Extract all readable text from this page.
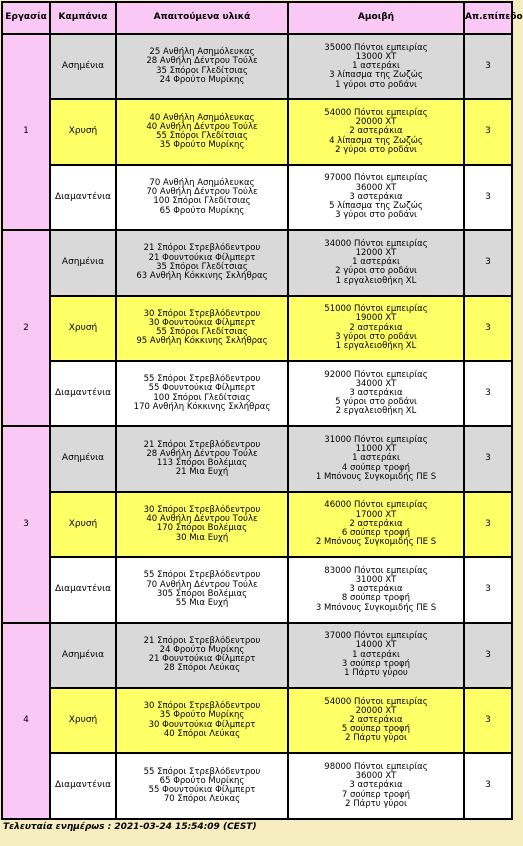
Εργασία	Καμπάνια	Απαιτούμενα υλικά	Αμοιβή	Απ.επίπεδο
1	Ασημένια	25 Ανθήλη Ασημόλευκας
28 Ανθήλη Δέντρου Τούλε
35 Σπόροι Γλεδίτσιας
24 Φρούτο Μυρίκης	35000 Πόντοι εμπειρίας
13000 ΧΤ
1 αστεράκι
3 λίπασμα της Ζωζώς
1 γύροι στο ροδάνι	3
	Χρυσή	40 Ανθήλη Ασημόλευκας
40 Ανθήλη Δέντρου Τούλε
55 Σπόροι Γλεδίτσιας
35 Φρούτο Μυρίκης	54000 Πόντοι εμπειρίας
20000 ΧΤ
2 αστεράκια
4 λίπασμα της Ζωζώς
2 γύροι στο ροδάνι	3
	Διαμαντένια	70 Ανθήλη Ασημόλευκας
70 Ανθήλη Δέντρου Τούλε
100 Σπόροι Γλεδίτσιας
65 Φρούτο Μυρίκης	97000 Πόντοι εμπειρίας
36000 ΧΤ
3 αστεράκια
5 λίπασμα της Ζωζώς
3 γύροι στο ροδάνι	3
2	Ασημένια	21 Σπόροι Στρεβλόδεντρου
21 Φουντούκια Φίλμπερτ
35 Σπόροι Γλεδίτσιας
63 Ανθήλη Κόκκινης Σκλήθρας	34000 Πόντοι εμπειρίας
12000 ΧΤ
1 αστεράκι
2 γύροι στο ροδάνι
1 εργαλειοθήκη XL	3
	Χρυσή	30 Σπόροι Στρεβλόδεντρου
30 Φουντούκια Φίλμπερτ
55 Σπόροι Γλεδίτσιας
95 Ανθήλη Κόκκινης Σκλήθρας	51000 Πόντοι εμπειρίας
19000 ΧΤ
2 αστεράκια
3 γύροι στο ροδάνι
1 εργαλειοθήκη XL	3
	Διαμαντένια	55 Σπόροι Στρεβλόδεντρου
55 Φουντούκια Φίλμπερτ
100 Σπόροι Γλεδίτσιας
170 Ανθήλη Κόκκινης Σκλήθρας	92000 Πόντοι εμπειρίας
34000 ΧΤ
3 αστεράκια
5 γύροι στο ροδάνι
2 εργαλειοθήκη XL	3
3	Ασημένια	21 Σπόροι Στρεβλόδεντρου
28 Ανθήλη Δέντρου Τούλε
113 Σπόροι Βολέμιας
21 Μια Ευχή	31000 Πόντοι εμπειρίας
11000 ΧΤ
1 αστεράκι
4 σούπερ τροφή
1 Μπόνους Συγκομιδής ΠΕ S	3
	Χρυσή	30 Σπόροι Στρεβλόδεντρου
40 Ανθήλη Δέντρου Τούλε
170 Σπόροι Βολέμιας
30 Μια Ευχή	46000 Πόντοι εμπειρίας
17000 ΧΤ
2 αστεράκια
6 σούπερ τροφή
2 Μπόνους Συγκομιδής ΠΕ S	3
	Διαμαντένια	55 Σπόροι Στρεβλόδεντρου
70 Ανθήλη Δέντρου Τούλε
305 Σπόροι Βολέμιας
55 Μια Ευχή	83000 Πόντοι εμπειρίας
31000 ΧΤ
3 αστεράκια
8 σούπερ τροφή
3 Μπόνους Συγκομιδής ΠΕ S	3
4	Ασημένια	21 Σπόροι Στρεβλόδεντρου
24 Φρούτο Μυρίκης
21 Φουντούκια Φίλμπερτ
28 Σπόροι Λεύκας	37000 Πόντοι εμπειρίας
14000 ΧΤ
1 αστεράκι
3 σούπερ τροφή
1 Πάρτυ γύρου	3
	Χρυσή	30 Σπόροι Στρεβλόδεντρου
35 Φρούτο Μυρίκης
30 Φουντούκια Φίλμπερτ
40 Σπόροι Λεύκας	54000 Πόντοι εμπειρίας
20000 ΧΤ
2 αστεράκια
5 σούπερ τροφή
2 Πάρτυ γύροι	3
	Διαμαντένια	55 Σπόροι Στρεβλόδεντρου
65 Φρούτο Μυρίκης
55 Φουντούκια Φίλμπερτ
70 Σπόροι Λεύκας	98000 Πόντοι εμπειρίας
36000 ΧΤ
3 αστεράκια
7 σούπερ τροφή
2 Πάρτυ γύροι	3
Τελευταία ενημέρωs : 2021-03-24 15:54:09 (CEST)
